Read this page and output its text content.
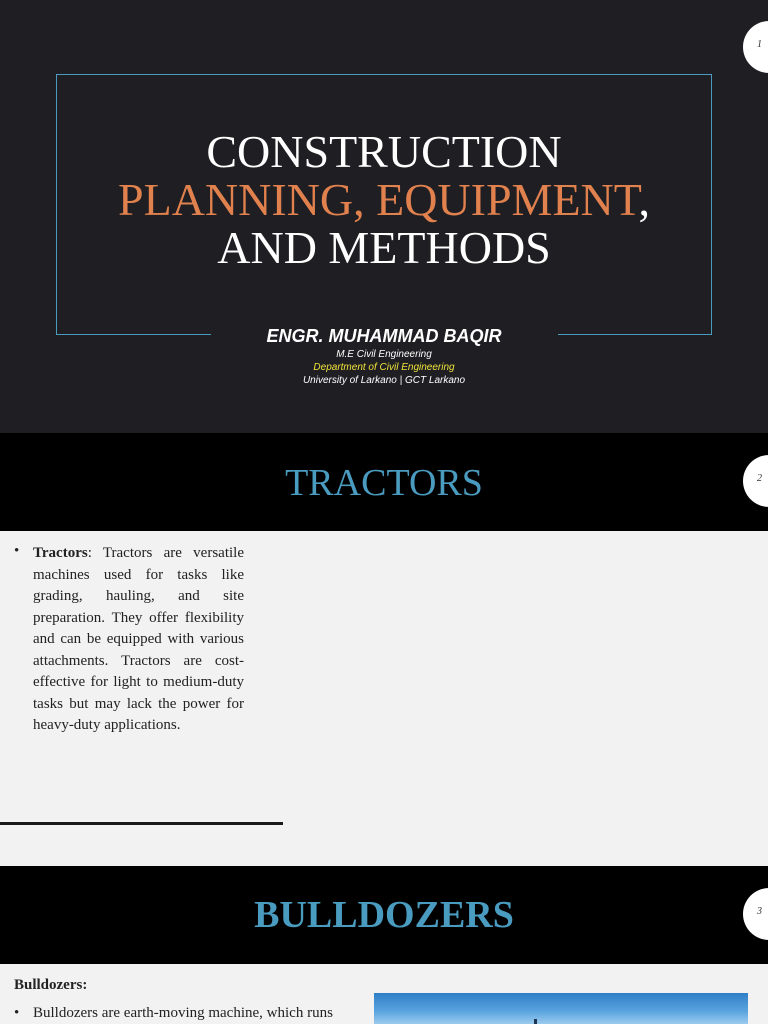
CONSTRUCTION
PLANNING, EQUIPMENT,
AND METHODS
ENGR. MUHAMMAD BAQIR
M.E Civil Engineering
Department of Civil Engineering
University of Larkano | GCT Larkano
1
TRACTORS	2
• Tractors: Tractors are versatile machines used for tasks like grading, hauling, and site preparation. They offer flexibility and can be equipped with various attachments. Tractors are cost-effective for light to medium-duty tasks but may lack the power for heavy-duty applications.
BULLDOZERS	3
Bulldozers:
• Bulldozers are earth-moving machine, which runs
